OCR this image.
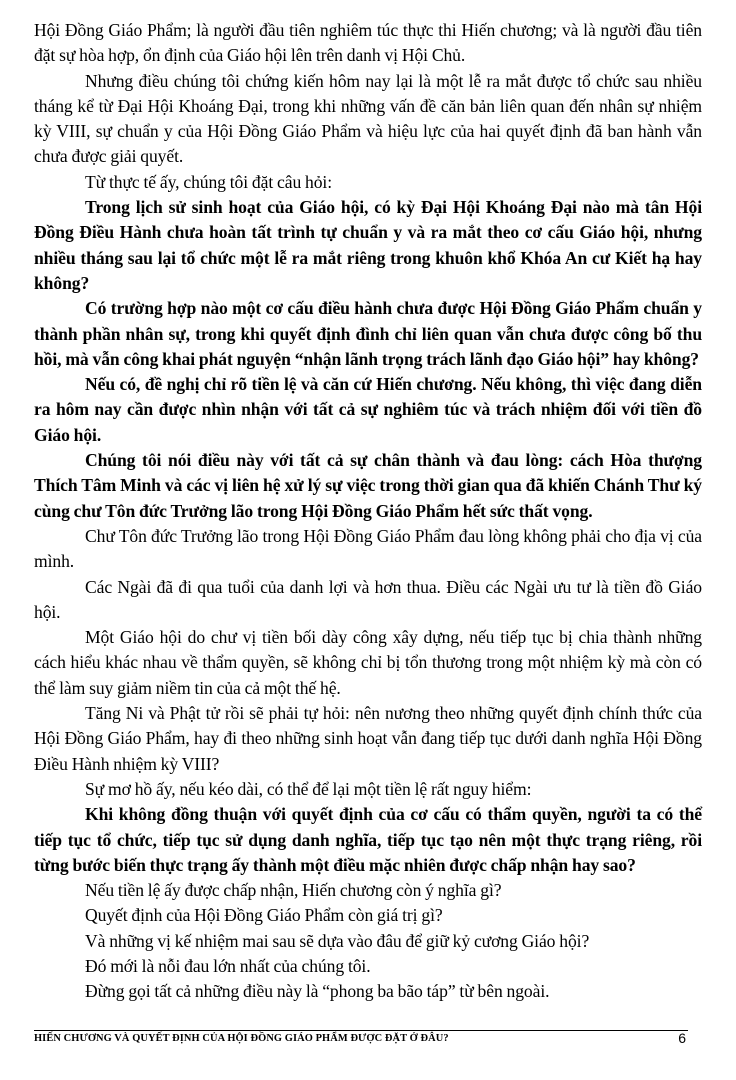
Hội Đồng Giáo Phẩm; là người đầu tiên nghiêm túc thực thi Hiến chương; và là người đầu tiên đặt sự hòa hợp, ổn định của Giáo hội lên trên danh vị Hội Chủ.

Nhưng điều chúng tôi chứng kiến hôm nay lại là một lễ ra mắt được tổ chức sau nhiều tháng kể từ Đại Hội Khoáng Đại, trong khi những vấn đề căn bản liên quan đến nhân sự nhiệm kỳ VIII, sự chuẩn y của Hội Đồng Giáo Phẩm và hiệu lực của hai quyết định đã ban hành vẫn chưa được giải quyết.

Từ thực tế ấy, chúng tôi đặt câu hỏi:

Trong lịch sử sinh hoạt của Giáo hội, có kỳ Đại Hội Khoáng Đại nào mà tân Hội Đồng Điều Hành chưa hoàn tất trình tự chuẩn y và ra mắt theo cơ cấu Giáo hội, nhưng nhiều tháng sau lại tổ chức một lễ ra mắt riêng trong khuôn khổ Khóa An cư Kiết hạ hay không?

Có trường hợp nào một cơ cấu điều hành chưa được Hội Đồng Giáo Phẩm chuẩn y thành phần nhân sự, trong khi quyết định đình chỉ liên quan vẫn chưa được công bố thu hồi, mà vẫn công khai phát nguyện “nhận lãnh trọng trách lãnh đạo Giáo hội” hay không?

Nếu có, đề nghị chỉ rõ tiền lệ và căn cứ Hiến chương. Nếu không, thì việc đang diễn ra hôm nay cần được nhìn nhận với tất cả sự nghiêm túc và trách nhiệm đối với tiền đồ Giáo hội.

Chúng tôi nói điều này với tất cả sự chân thành và đau lòng: cách Hòa thượng Thích Tâm Minh và các vị liên hệ xử lý sự việc trong thời gian qua đã khiến Chánh Thư ký cùng chư Tôn đức Trưởng lão trong Hội Đồng Giáo Phẩm hết sức thất vọng.

Chư Tôn đức Trưởng lão trong Hội Đồng Giáo Phẩm đau lòng không phải cho địa vị của mình.

Các Ngài đã đi qua tuổi của danh lợi và hơn thua. Điều các Ngài ưu tư là tiền đồ Giáo hội.

Một Giáo hội do chư vị tiền bối dày công xây dựng, nếu tiếp tục bị chia thành những cách hiểu khác nhau về thẩm quyền, sẽ không chỉ bị tổn thương trong một nhiệm kỳ mà còn có thể làm suy giảm niềm tin của cả một thế hệ.

Tăng Ni và Phật tử rồi sẽ phải tự hỏi: nên nương theo những quyết định chính thức của Hội Đồng Giáo Phẩm, hay đi theo những sinh hoạt vẫn đang tiếp tục dưới danh nghĩa Hội Đồng Điều Hành nhiệm kỳ VIII?

Sự mơ hồ ấy, nếu kéo dài, có thể để lại một tiền lệ rất nguy hiểm:

Khi không đồng thuận với quyết định của cơ cấu có thẩm quyền, người ta có thể tiếp tục tổ chức, tiếp tục sử dụng danh nghĩa, tiếp tục tạo nên một thực trạng riêng, rồi từng bước biến thực trạng ấy thành một điều mặc nhiên được chấp nhận hay sao?

Nếu tiền lệ ấy được chấp nhận, Hiến chương còn ý nghĩa gì?

Quyết định của Hội Đồng Giáo Phẩm còn giá trị gì?

Và những vị kế nhiệm mai sau sẽ dựa vào đâu để giữ kỷ cương Giáo hội?

Đó mới là nỗi đau lớn nhất của chúng tôi.

Đừng gọi tất cả những điều này là “phong ba bão táp” từ bên ngoài.

HIẾN CHƯƠNG VÀ QUYẾT ĐỊNH CỦA HỘI ĐỒNG GIÁO PHẨM ĐƯỢC ĐẶT Ở ĐÂU?	6
